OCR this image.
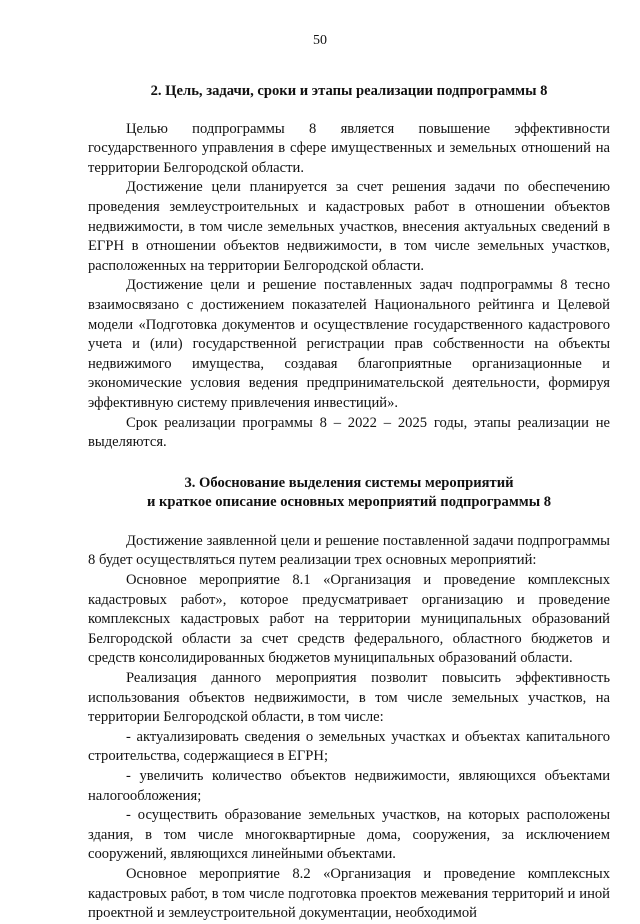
50
2. Цель, задачи, сроки и этапы реализации подпрограммы 8

Целью подпрограммы 8 является повышение эффективности государственного управления в сфере имущественных и земельных отношений на территории Белгородской области.

Достижение цели планируется за счет решения задачи по обеспечению проведения землеустроительных и кадастровых работ в отношении объектов недвижимости, в том числе земельных участков, внесения актуальных сведений в ЕГРН в отношении объектов недвижимости, в том числе земельных участков, расположенных на территории Белгородской области.

Достижение цели и решение поставленных задач подпрограммы 8 тесно взаимосвязано с достижением показателей Национального рейтинга и Целевой модели «Подготовка документов и осуществление государственного кадастрового учета и (или) государственной регистрации прав собственности на объекты недвижимого имущества, создавая благоприятные организационные и экономические условия ведения предпринимательской деятельности, формируя эффективную систему привлечения инвестиций».

Срок реализации программы 8 – 2022 – 2025 годы, этапы реализации не выделяются.

3. Обоснование выделения системы мероприятий
и краткое описание основных мероприятий подпрограммы 8

Достижение заявленной цели и решение поставленной задачи подпрограммы 8 будет осуществляться путем реализации трех основных мероприятий:

Основное мероприятие 8.1 «Организация и проведение комплексных кадастровых работ», которое предусматривает организацию и проведение комплексных кадастровых работ на территории муниципальных образований Белгородской области за счет средств федерального, областного бюджетов и средств консолидированных бюджетов муниципальных образований области.

Реализация данного мероприятия позволит повысить эффективность использования объектов недвижимости, в том числе земельных участков, на территории Белгородской области, в том числе:

- актуализировать сведения о земельных участках и объектах капитального строительства, содержащиеся в ЕГРН;

- увеличить количество объектов недвижимости, являющихся объектами налогообложения;

- осуществить образование земельных участков, на которых расположены здания, в том числе многоквартирные дома, сооружения, за исключением сооружений, являющихся линейными объектами.

Основное мероприятие 8.2 «Организация и проведение комплексных кадастровых работ, в том числе подготовка проектов межевания территорий и иной проектной и землеустроительной документации, необходимой
